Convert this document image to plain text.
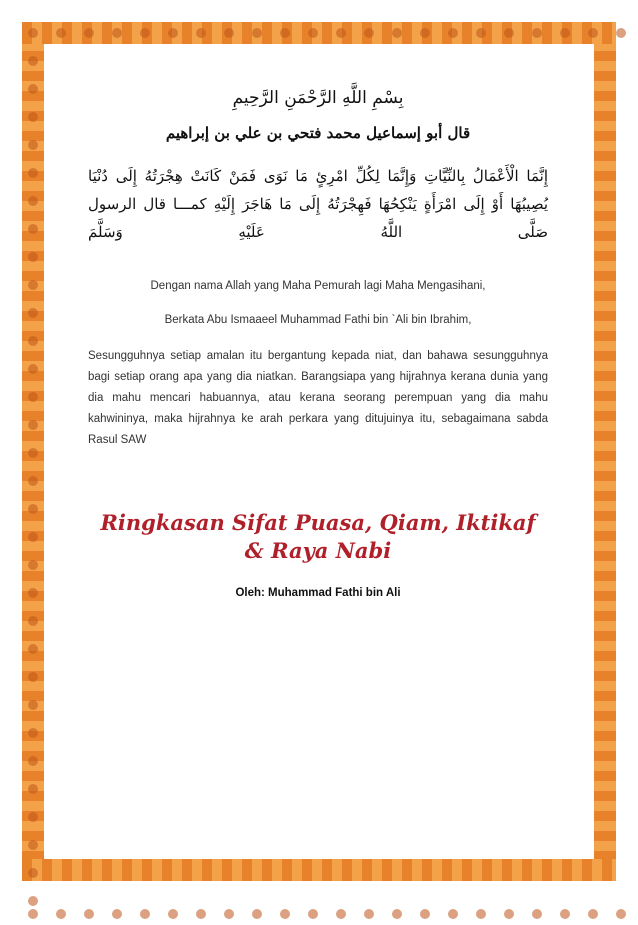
بِسْمِ اللَّهِ الرَّحْمَنِ الرَّحِيمِ
قال أبو إسماعيل محمد فتحي بن علي بن إبراهيم
إِنَّمَا الْأَعْمَالُ بِالنِّيَّاتِ وَإِنَّمَا لِكُلِّ امْرِئٍ مَا نَوَى فَمَنْ كَانَتْ هِجْرَتُهُ إِلَى دُنْيَا يُصِيبُهَا أَوْ إِلَى امْرَأَةٍ يَنْكِحُهَا فَهِجْرَتُهُ إِلَى مَا هَاجَرَ إِلَيْهِ كمـــا قال الرسول صَلَّى اللَّهُ عَلَيْهِ وَسَلَّمَ
Dengan nama Allah yang Maha Pemurah lagi Maha Mengasihani,
Berkata Abu Ismaaeel Muhammad Fathi bin `Ali bin Ibrahim,
Sesungguhnya setiap amalan itu bergantung kepada niat, dan bahawa sesungguhnya bagi setiap orang apa yang dia niatkan. Barangsiapa yang hijrahnya kerana dunia yang dia mahu mencari habuannya, atau kerana seorang perempuan yang dia mahu kahwininya, maka hijrahnya ke arah perkara yang ditujuinya itu, sebagaimana sabda Rasul SAW
Ringkasan Sifat Puasa, Qiam, Iktikaf
& Raya Nabi
Oleh: Muhammad Fathi bin Ali
